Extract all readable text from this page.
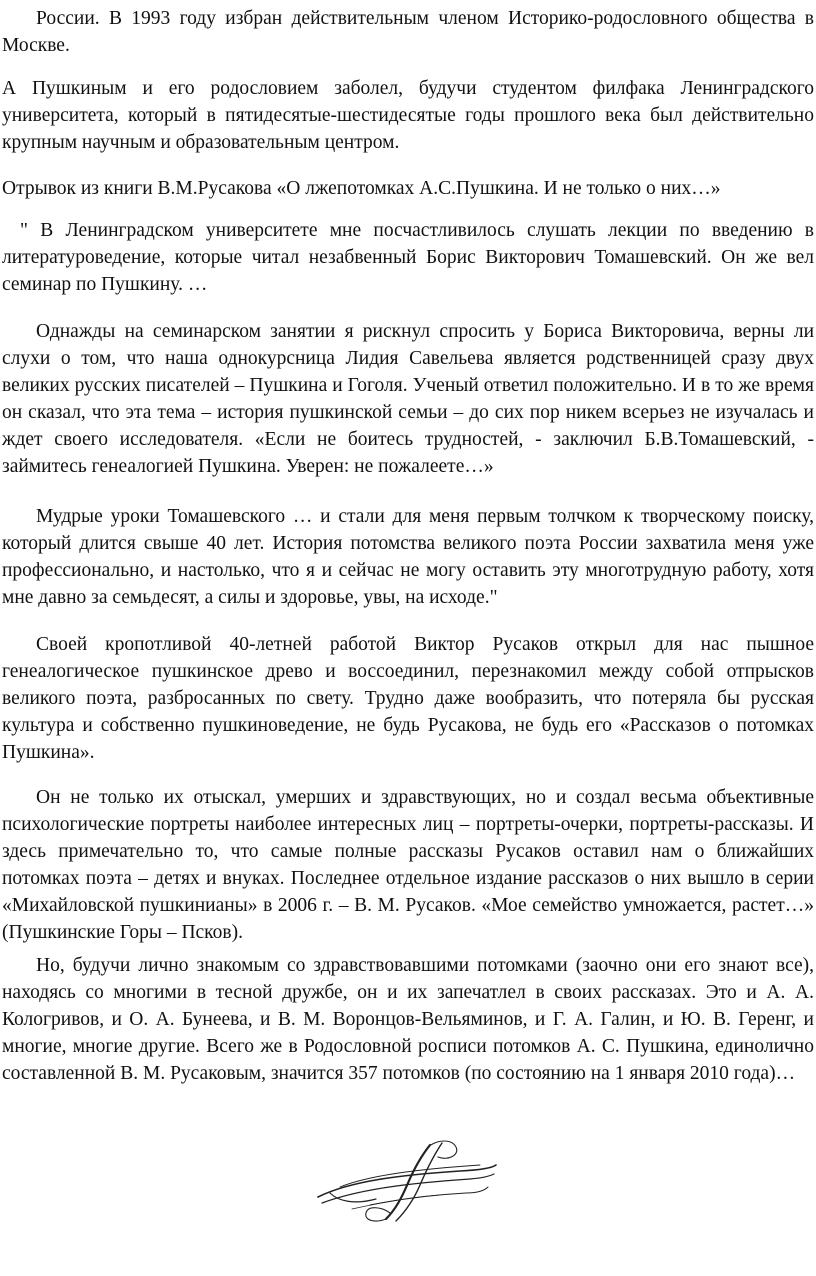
России. В 1993 году избран действительным членом Историко-родословного общества в Москве.

А Пушкиным и его родословием заболел, будучи студентом филфака Ленинградского университета, который в пятидесятые-шестидесятые годы прошлого века был действительно крупным научным и образовательным центром.

Отрывок из книги В.М.Русакова «О лжепотомках А.С.Пушкина. И не только о них…»

" В Ленинградском университете мне посчастливилось слушать лекции по введению в литературоведение, которые читал незабвенный Борис Викторович Томашевский. Он же вел семинар по Пушкину. …

Однажды на семинарском занятии я рискнул спросить у Бориса Викторовича, верны ли слухи о том, что наша однокурсница Лидия Савельева является родственницей сразу двух великих русских писателей – Пушкина и Гоголя. Ученый ответил положительно. И в то же время он сказал, что эта тема – история пушкинской семьи – до сих пор никем всерьез не изучалась и ждет своего исследователя. «Если не боитесь трудностей, - заключил Б.В.Томашевский, - займитесь генеалогией Пушкина. Уверен: не пожалеете…»

Мудрые уроки Томашевского … и стали для меня первым толчком к творческому поиску, который длится свыше 40 лет. История потомства великого поэта России захватила меня уже профессионально, и настолько, что я и сейчас не могу оставить эту многотрудную работу, хотя мне давно за семьдесят, а силы и здоровье, увы, на исходе."

Своей кропотливой 40-летней работой Виктор Русаков открыл для нас пышное генеалогическое пушкинское древо и воссоединил, перезнакомил между собой отпрысков великого поэта, разбросанных по свету. Трудно даже вообразить, что потеряла бы русская культура и собственно пушкиноведение, не будь Русакова, не будь его «Рассказов о потомках Пушкина».

Он не только их отыскал, умерших и здравствующих, но и создал весьма объективные психологические портреты наиболее интересных лиц – портреты-очерки, портреты-рассказы. И здесь примечательно то, что самые полные рассказы Русаков оставил нам о ближайших потомках поэта – детях и внуках. Последнее отдельное издание рассказов о них вышло в серии «Михайловской пушкинианы» в 2006 г. – В. М. Русаков. «Мое семейство умножается, растет…» (Пушкинские Горы – Псков).

Но, будучи лично знакомым со здравствовавшими потомками (заочно они его знают все), находясь со многими в тесной дружбе, он и их запечатлел в своих рассказах. Это и А. А. Кологривов, и О. А. Бунеева, и В. М. Воронцов-Вельяминов, и Г. А. Галин, и Ю. В. Геренг, и многие, многие другие. Всего же в Родословной росписи потомков А. С. Пушкина, единолично составленной В. М. Русаковым, значится 357 потомков (по состоянию на 1 января 2010 года)…
